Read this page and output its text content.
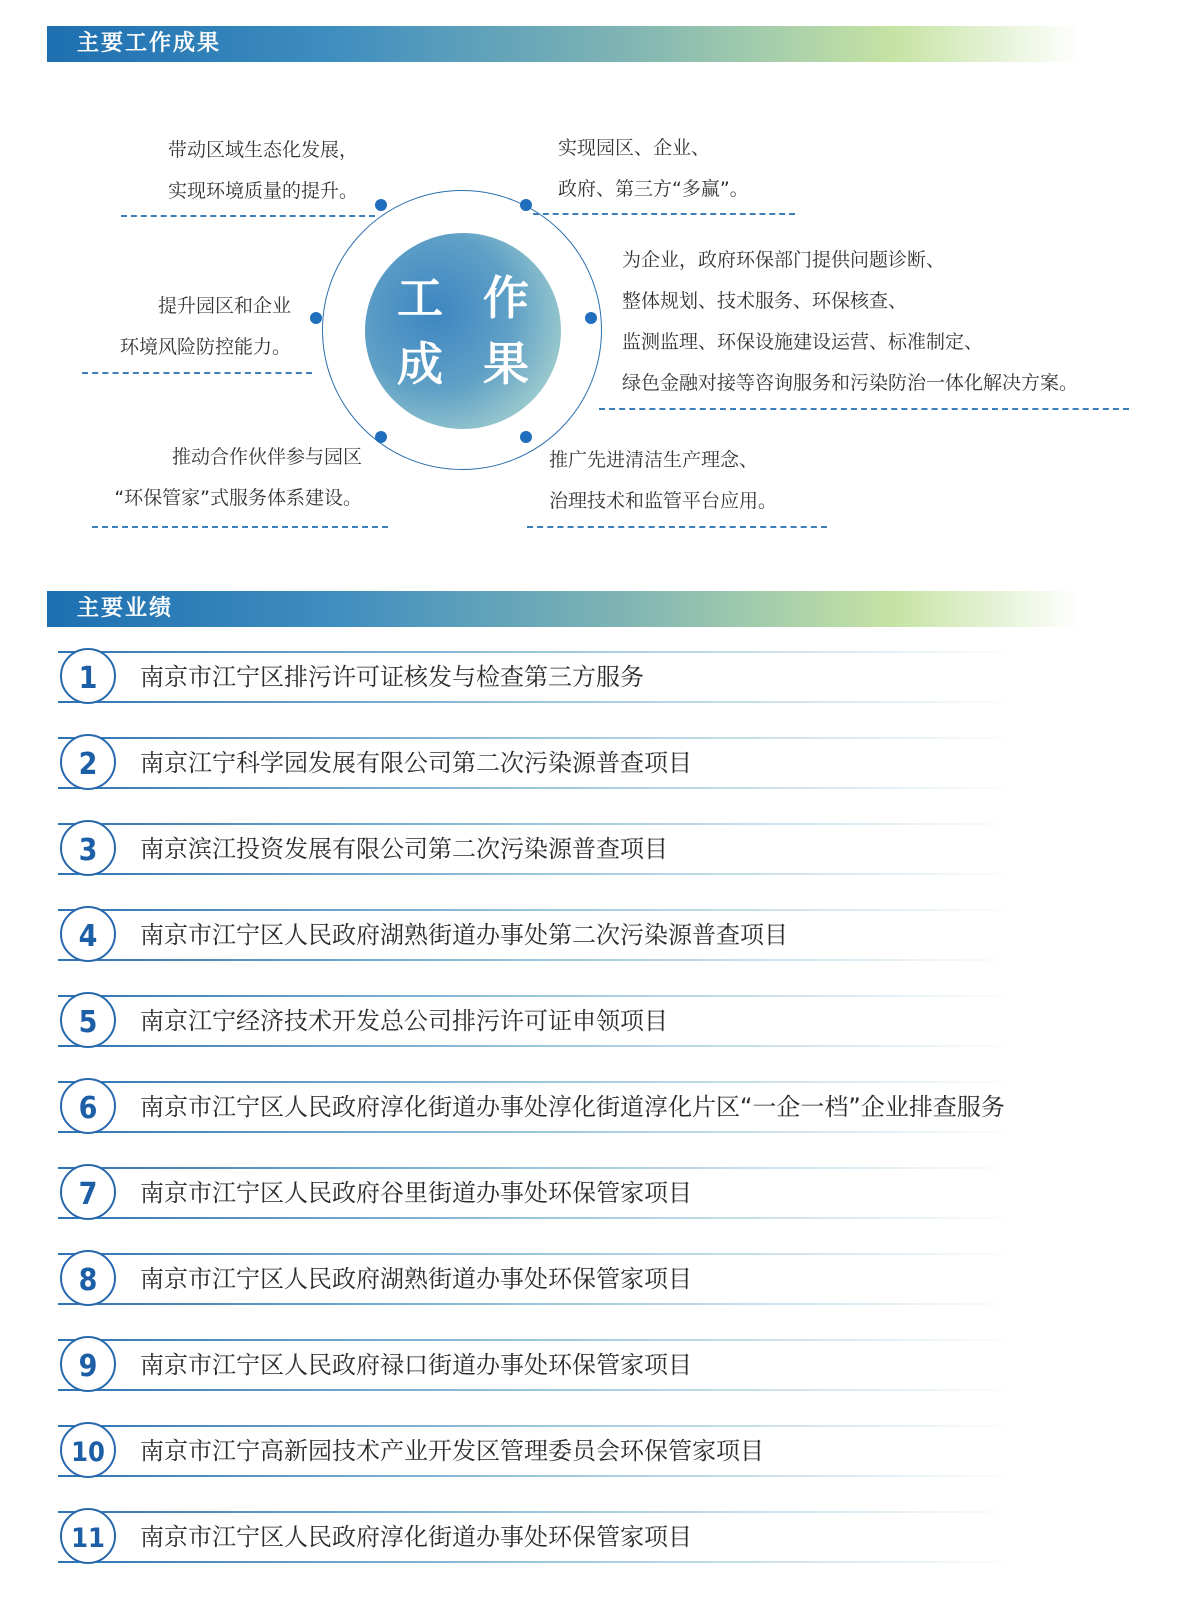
主要工作成果
工 作
成 果
带动区域生态化发展，
实现环境质量的提升。
实现园区、企业、
政府、第三方“多赢”。
提升园区和企业
环境风险防控能力。
为企业，政府环保部门提供问题诊断、
整体规划、技术服务、环保核查、
监测监理、环保设施建设运营、标准制定、
绿色金融对接等咨询服务和污染防治一体化解决方案。
推动合作伙伴参与园区
“环保管家”式服务体系建设。
推广先进清洁生产理念、
治理技术和监管平台应用。
主要业绩
1	南京市江宁区排污许可证核发与检查第三方服务
2	南京江宁科学园发展有限公司第二次污染源普查项目
3	南京滨江投资发展有限公司第二次污染源普查项目
4	南京市江宁区人民政府湖熟街道办事处第二次污染源普查项目
5	南京江宁经济技术开发总公司排污许可证申领项目
6	南京市江宁区人民政府淳化街道办事处淳化街道淳化片区“一企一档”企业排查服务
7	南京市江宁区人民政府谷里街道办事处环保管家项目
8	南京市江宁区人民政府湖熟街道办事处环保管家项目
9	南京市江宁区人民政府禄口街道办事处环保管家项目
10	南京市江宁高新园技术产业开发区管理委员会环保管家项目
11	南京市江宁区人民政府淳化街道办事处环保管家项目
